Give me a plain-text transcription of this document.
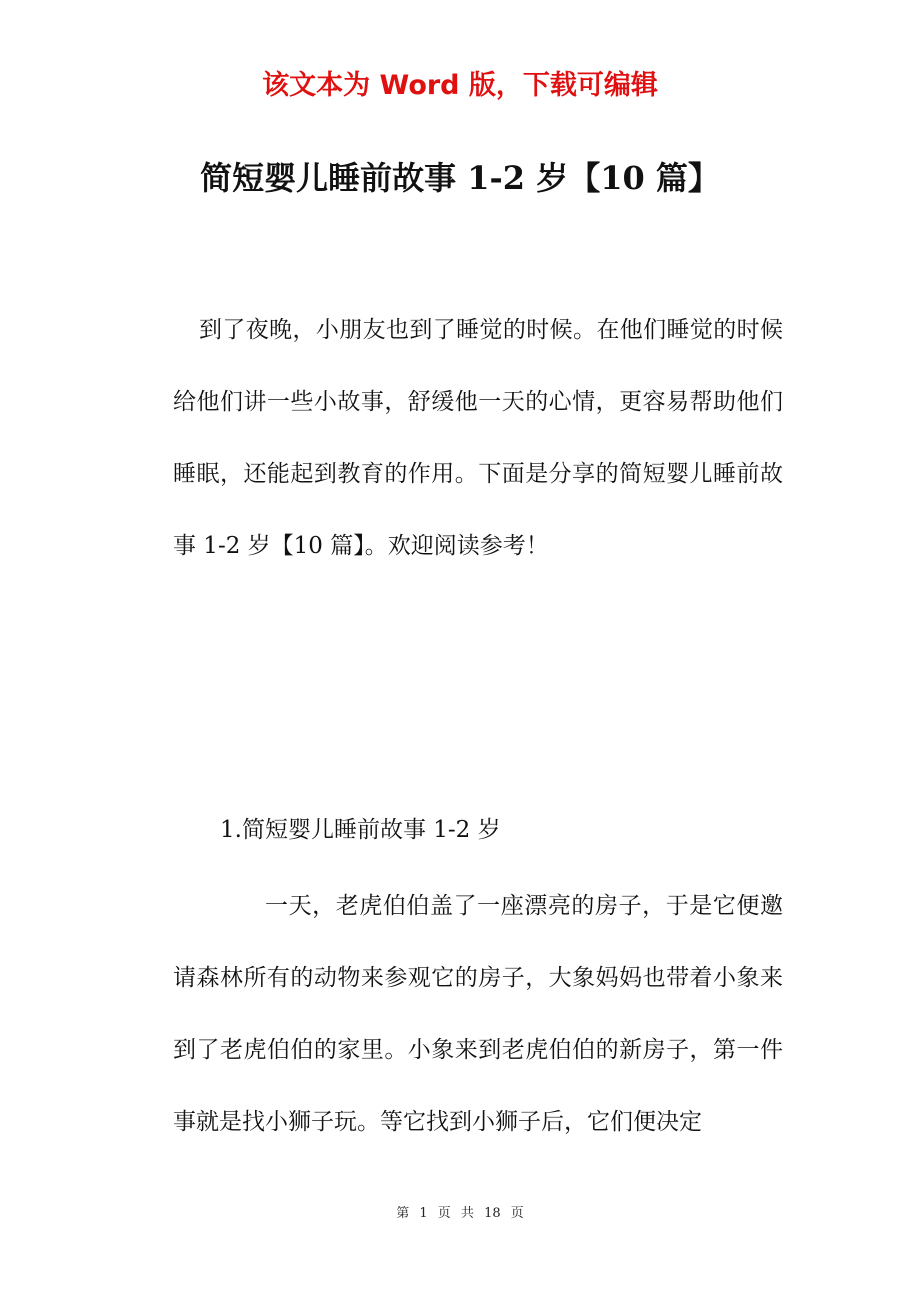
该文本为 Word 版，下载可编辑
简短婴儿睡前故事 1-2 岁【10 篇】

到了夜晚，小朋友也到了睡觉的时候。在他们睡觉的时候给他们讲一些小故事，舒缓他一天的心情，更容易帮助他们睡眠，还能起到教育的作用。下面是分享的简短婴儿睡前故事 1-2 岁【10 篇】。欢迎阅读参考！

1.简短婴儿睡前故事 1-2 岁

一天，老虎伯伯盖了一座漂亮的房子，于是它便邀请森林所有的动物来参观它的房子，大象妈妈也带着小象来到了老虎伯伯的家里。小象来到老虎伯伯的新房子，第一件事就是找小狮子玩。等它找到小狮子后，它们便决定

第 1 页 共 18 页
